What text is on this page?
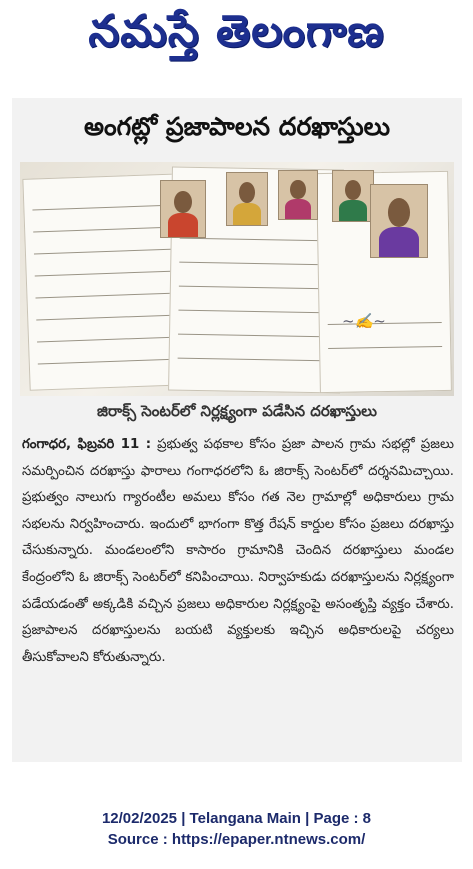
నమస్తే తెలంగాణ
అంగట్లో ప్రజాపాలన దరఖాస్తులు
~✍~
జిరాక్స్ సెంటర్‌లో నిర్లక్ష్యంగా పడేసిన దరఖాస్తులు
గంగాధర, ఫిబ్రవరి 11 : ప్రభుత్వ పథకాల కోసం ప్రజా పాలన గ్రామ సభల్లో ప్రజలు సమర్పించిన దరఖాస్తు ఫారాలు గంగాధరలోని ఓ జిరాక్స్ సెంటర్‌లో దర్శనమిచ్చాయి. ప్రభుత్వం నాలుగు గ్యారంటీల అమలు కోసం గత నెల గ్రామాల్లో అధికారులు గ్రామ సభలను నిర్వహించారు. ఇందులో భాగంగా కొత్త రేషన్ కార్డుల కోసం ప్రజలు దరఖాస్తు చేసుకున్నారు. మండలంలోని కాసారం గ్రామానికి చెందిన దరఖాస్తులు మండల కేంద్రంలోని ఓ జిరాక్స్ సెంటర్‌లో కనిపించాయి. నిర్వాహకుడు దరఖాస్తులను నిర్లక్ష్యంగా పడేయడంతో అక్కడికి వచ్చిన ప్రజలు అధికారుల నిర్లక్ష్యంపై అసంతృప్తి వ్యక్తం చేశారు. ప్రజాపాలన దరఖాస్తులను బయటి వ్యక్తులకు ఇచ్చిన అధికారులపై చర్యలు తీసుకోవాలని కోరుతున్నారు.
12/02/2025 | Telangana Main | Page : 8
Source : https://epaper.ntnews.com/
